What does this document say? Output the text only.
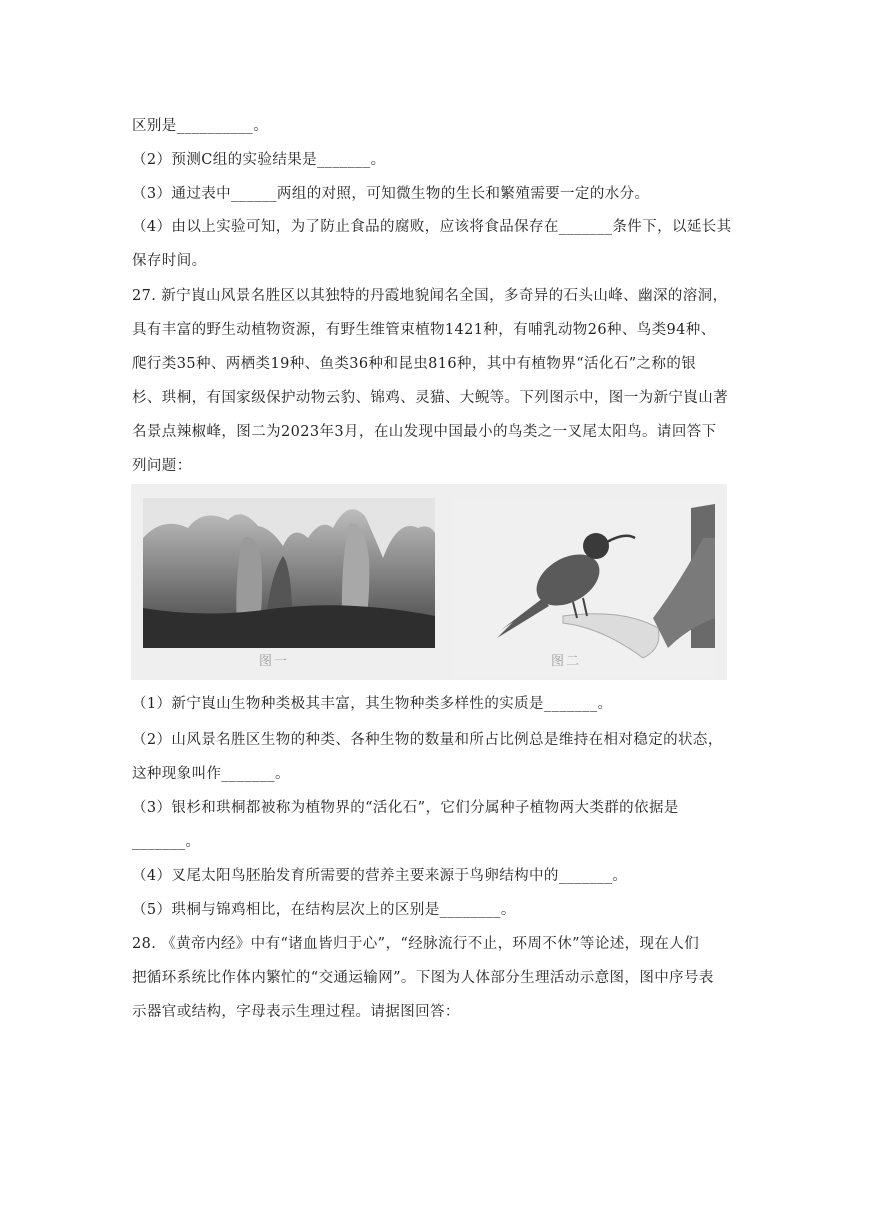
区别是__________。
（2）预测C组的实验结果是_______。
（3）通过表中______两组的对照，可知微生物的生长和繁殖需要一定的水分。
（4）由以上实验可知，为了防止食品的腐败，应该将食品保存在_______条件下，以延长其
保存时间。
27. 新宁崀山风景名胜区以其独特的丹霞地貌闻名全国，多奇异的石头山峰、幽深的溶洞，
具有丰富的野生动植物资源，有野生维管束植物1421种，有哺乳动物26种、鸟类94种、
爬行类35种、两栖类19种、鱼类36种和昆虫816种，其中有植物界“活化石”之称的银
杉、珙桐，有国家级保护动物云豹、锦鸡、灵猫、大鲵等。下列图示中，图一为新宁崀山著
名景点辣椒峰，图二为2023年3月，在山发现中国最小的鸟类之一叉尾太阳鸟。请回答下
列问题：
图一	图二
（1）新宁崀山生物种类极其丰富，其生物种类多样性的实质是_______。
（2）山风景名胜区生物的种类、各种生物的数量和所占比例总是维持在相对稳定的状态，
这种现象叫作_______。
（3）银杉和珙桐都被称为植物界的“活化石”，它们分属种子植物两大类群的依据是
_______。
（4）叉尾太阳鸟胚胎发育所需要的营养主要来源于鸟卵结构中的_______。
（5）珙桐与锦鸡相比，在结构层次上的区别是________。
28. 《黄帝内经》中有“诸血皆归于心”，“经脉流行不止，环周不休”等论述，现在人们
把循环系统比作体内繁忙的“交通运输网”。下图为人体部分生理活动示意图，图中序号表
示器官或结构，字母表示生理过程。请据图回答：
